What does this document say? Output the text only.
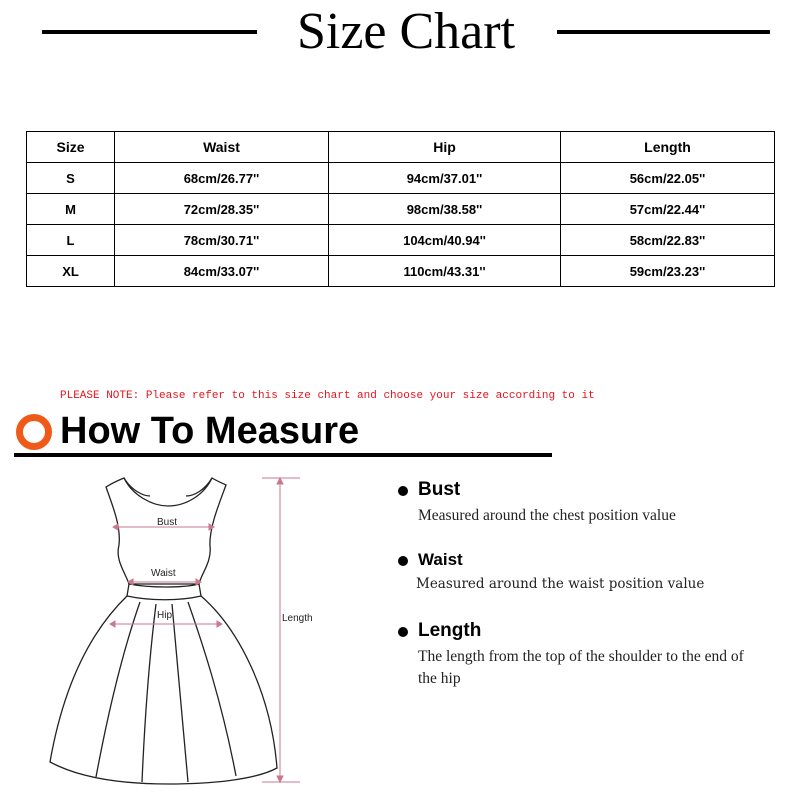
Size Chart
Size	Waist	Hip	Length
S	68cm/26.77''	94cm/37.01''	56cm/22.05''
M	72cm/28.35''	98cm/38.58''	57cm/22.44''
L	78cm/30.71''	104cm/40.94''	58cm/22.83''
XL	84cm/33.07''	110cm/43.31''	59cm/23.23''
PLEASE NOTE: Please refer to this size chart and choose your size according to it
How To Measure
Bust
Waist
Hip	Length
Bust
Measured around the chest position value
Waist
Measured around the waist position value
Length
The length from the top of the shoulder to the end of the hip
